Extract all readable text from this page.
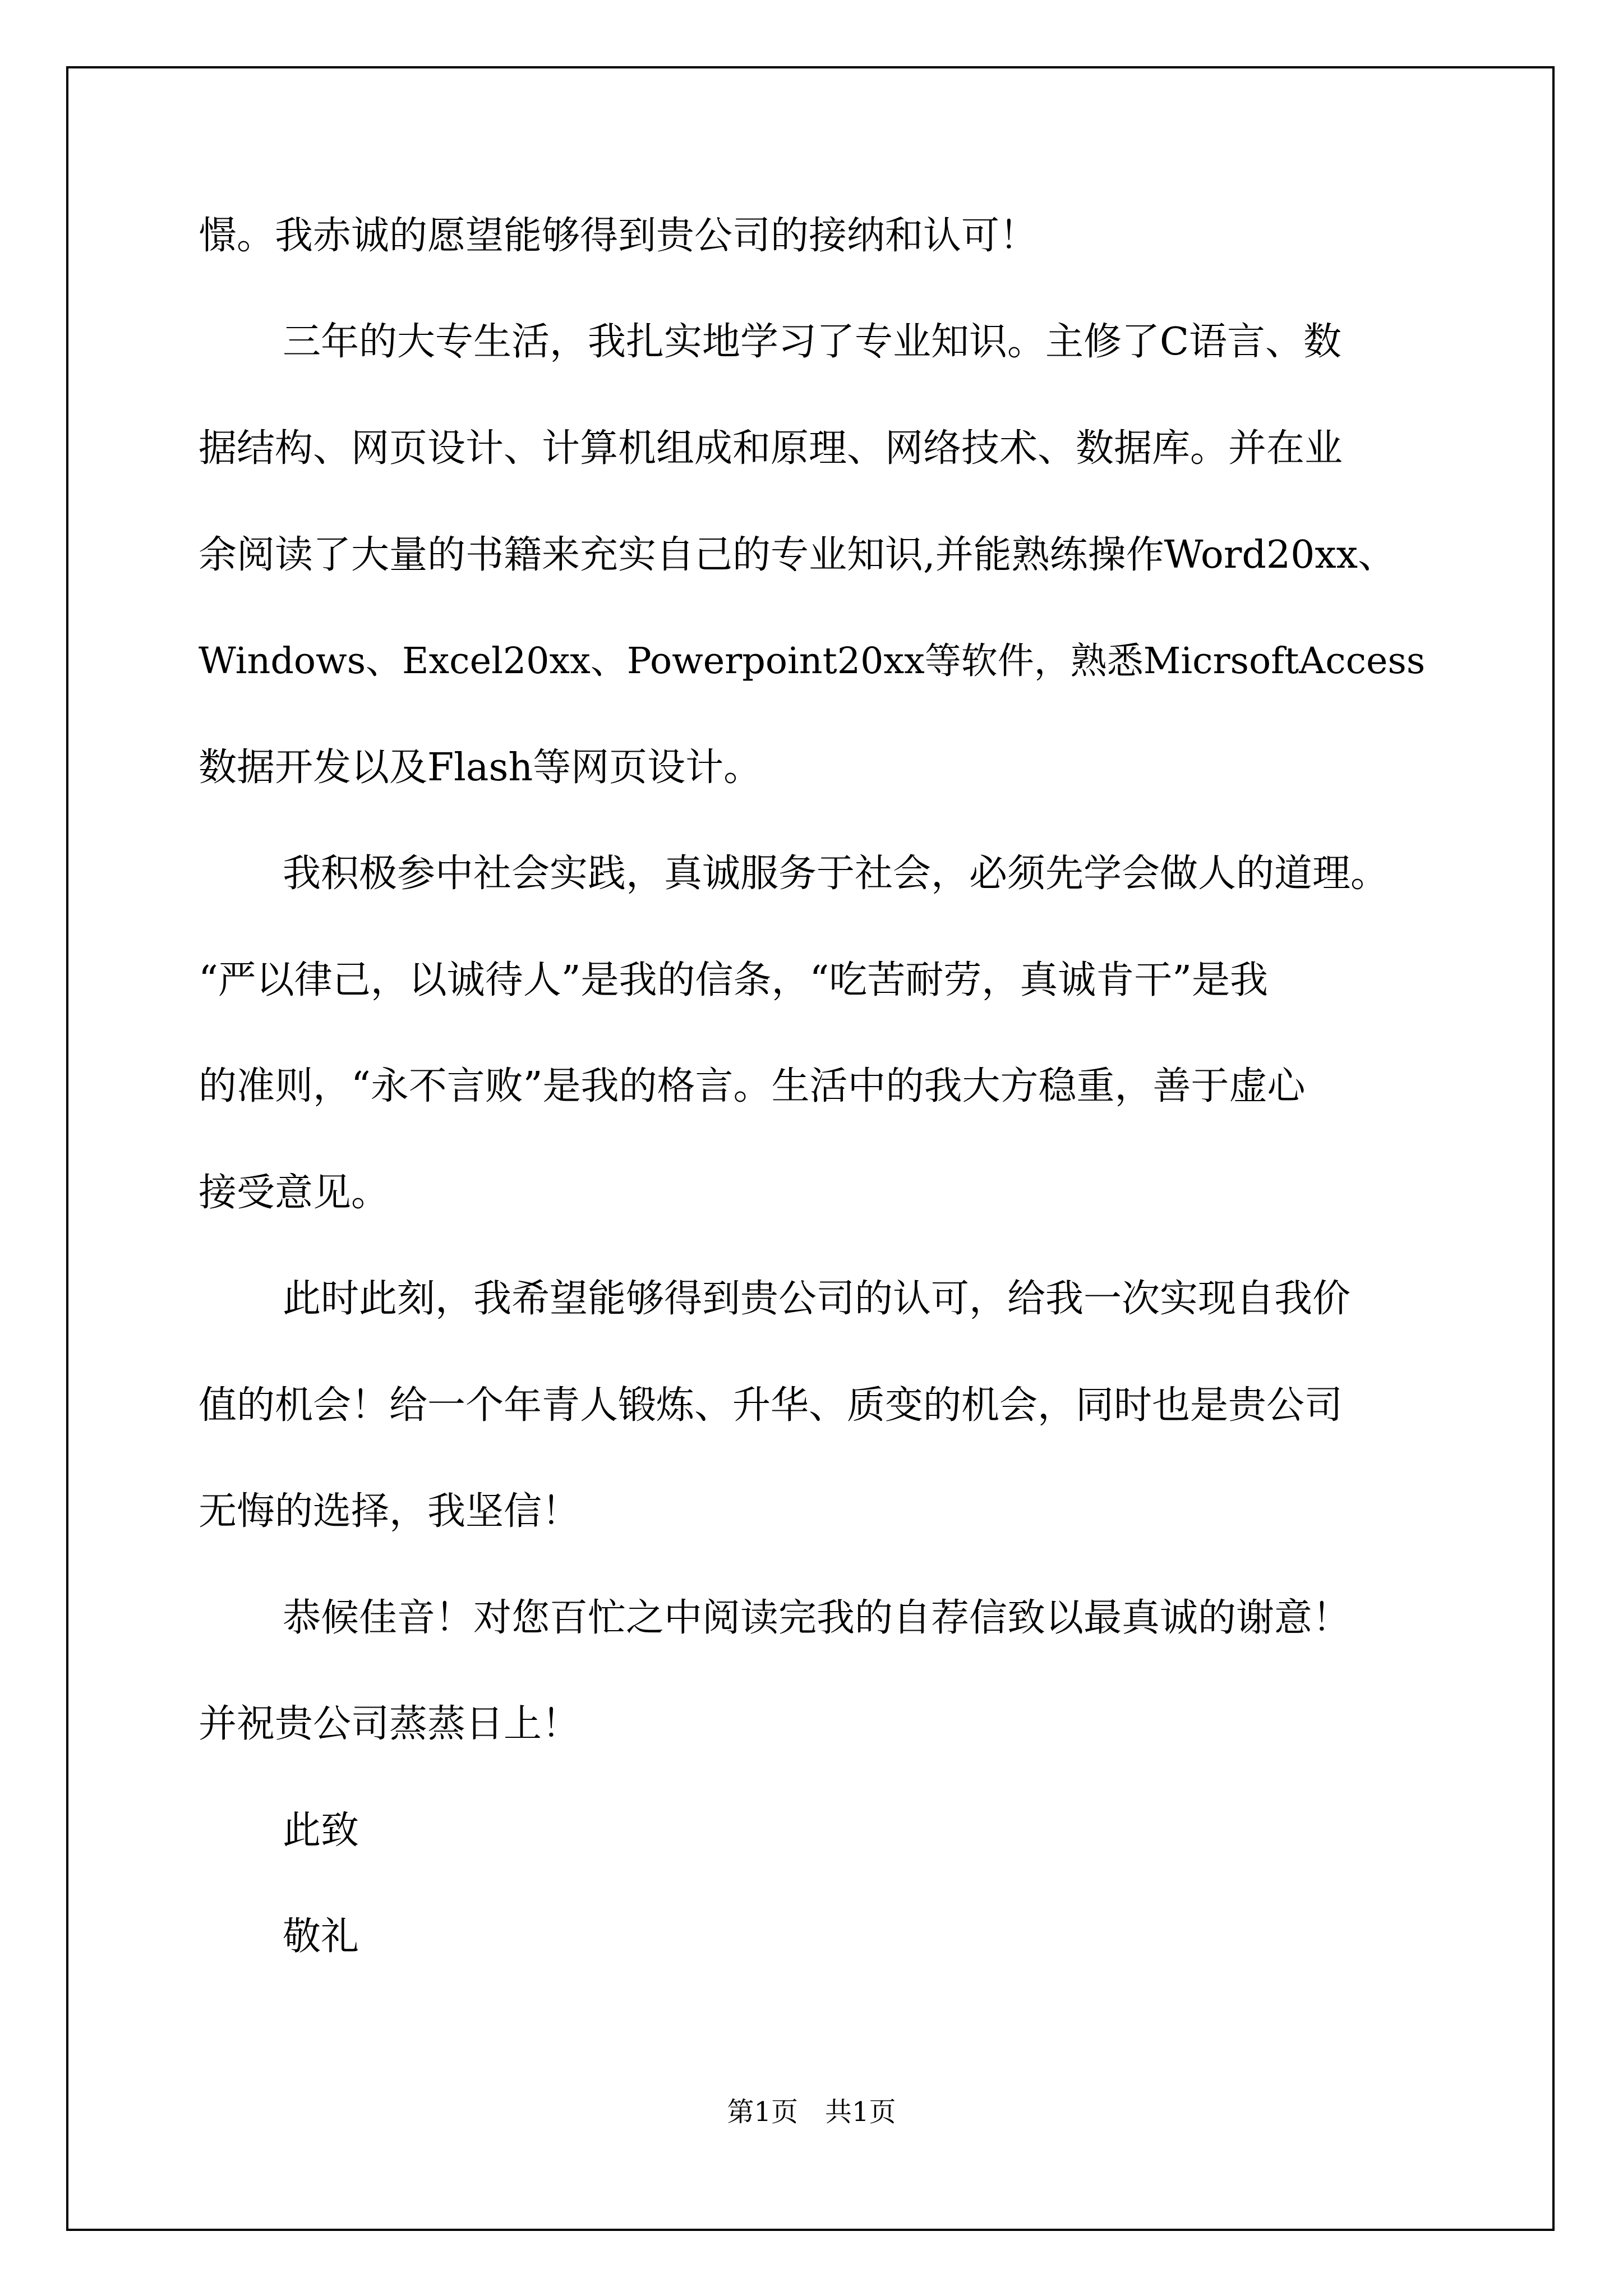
憬。我赤诚的愿望能够得到贵公司的接纳和认可！
三年的大专生活，我扎实地学习了专业知识。主修了C语言、数
据结构、网页设计、计算机组成和原理、网络技术、数据库。并在业
余阅读了大量的书籍来充实自己的专业知识,并能熟练操作Word20xx、
Windows、Excel20xx、Powerpoint20xx等软件，熟悉MicrsoftAccess
数据开发以及Flash等网页设计。
我积极参中社会实践，真诚服务于社会，必须先学会做人的道理。
“严以律己，以诚待人”是我的信条，“吃苦耐劳，真诚肯干”是我
的准则，“永不言败”是我的格言。生活中的我大方稳重，善于虚心
接受意见。
此时此刻，我希望能够得到贵公司的认可，给我一次实现自我价
值的机会！给一个年青人锻炼、升华、质变的机会，同时也是贵公司
无悔的选择，我坚信！
恭候佳音！对您百忙之中阅读完我的自荐信致以最真诚的谢意！
并祝贵公司蒸蒸日上！
此致
敬礼
第1页　共1页
